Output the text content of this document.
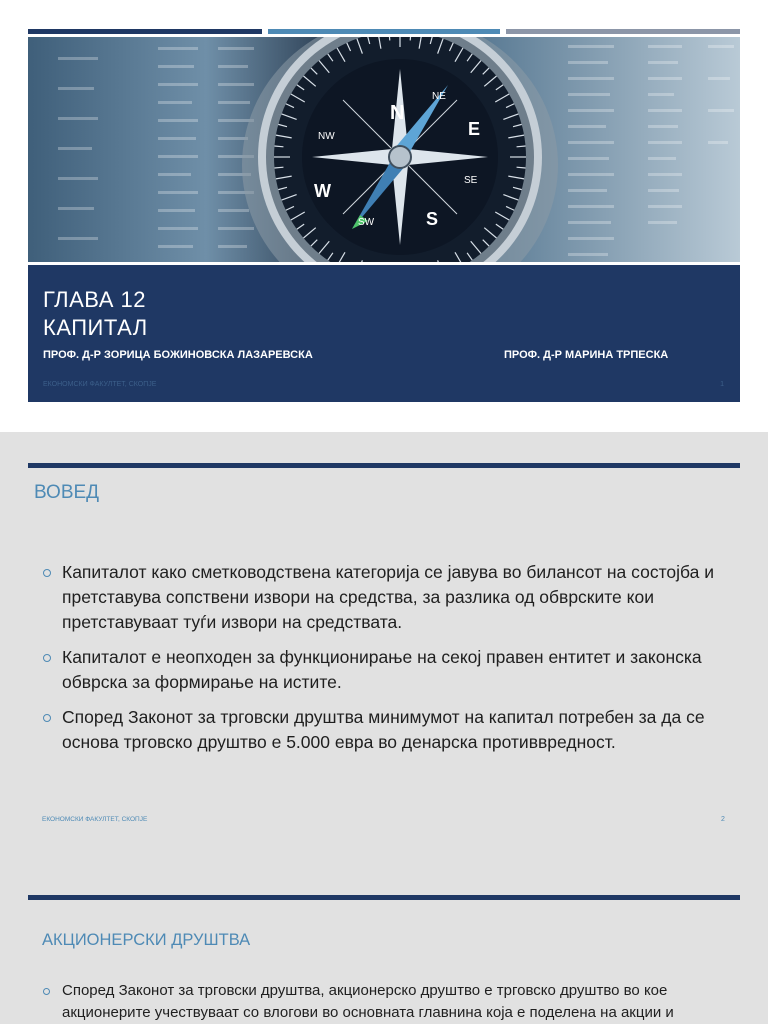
N
E
S
W
NE
SE
SW
NW
ГЛАВА 12
КАПИТАЛ
ПРОФ. Д-Р ЗОРИЦА БОЖИНОВСКА ЛАЗАРЕВСКА	ПРОФ. Д-Р МАРИНА ТРПЕСКА
ЕКОНОМСКИ ФАКУЛТЕТ, СКОПЈЕ	1
ВОВЕД
Капиталот како сметководствена категорија се јавува во билансот на состојба и претставува сопствени извори на средства, за разлика од обврските кои претставуваат туѓи извори на средствата.
Капиталот е неопходен за функционирање на секој правен ентитет и законска обврска за формирање на истите.
Според Законот за трговски друштва минимумот на капитал потребен за да се основа трговско друштво е 5.000 евра во денарска противвредност.
ЕКОНОМСКИ ФАКУЛТЕТ, СКОПЈЕ	2
АКЦИОНЕРСКИ ДРУШТВА
Според Законот за трговски друштва, акционерско друштво е трговско друштво во кое акционерите учествуваат со влогови во основната главнина која е поделена на акции и
